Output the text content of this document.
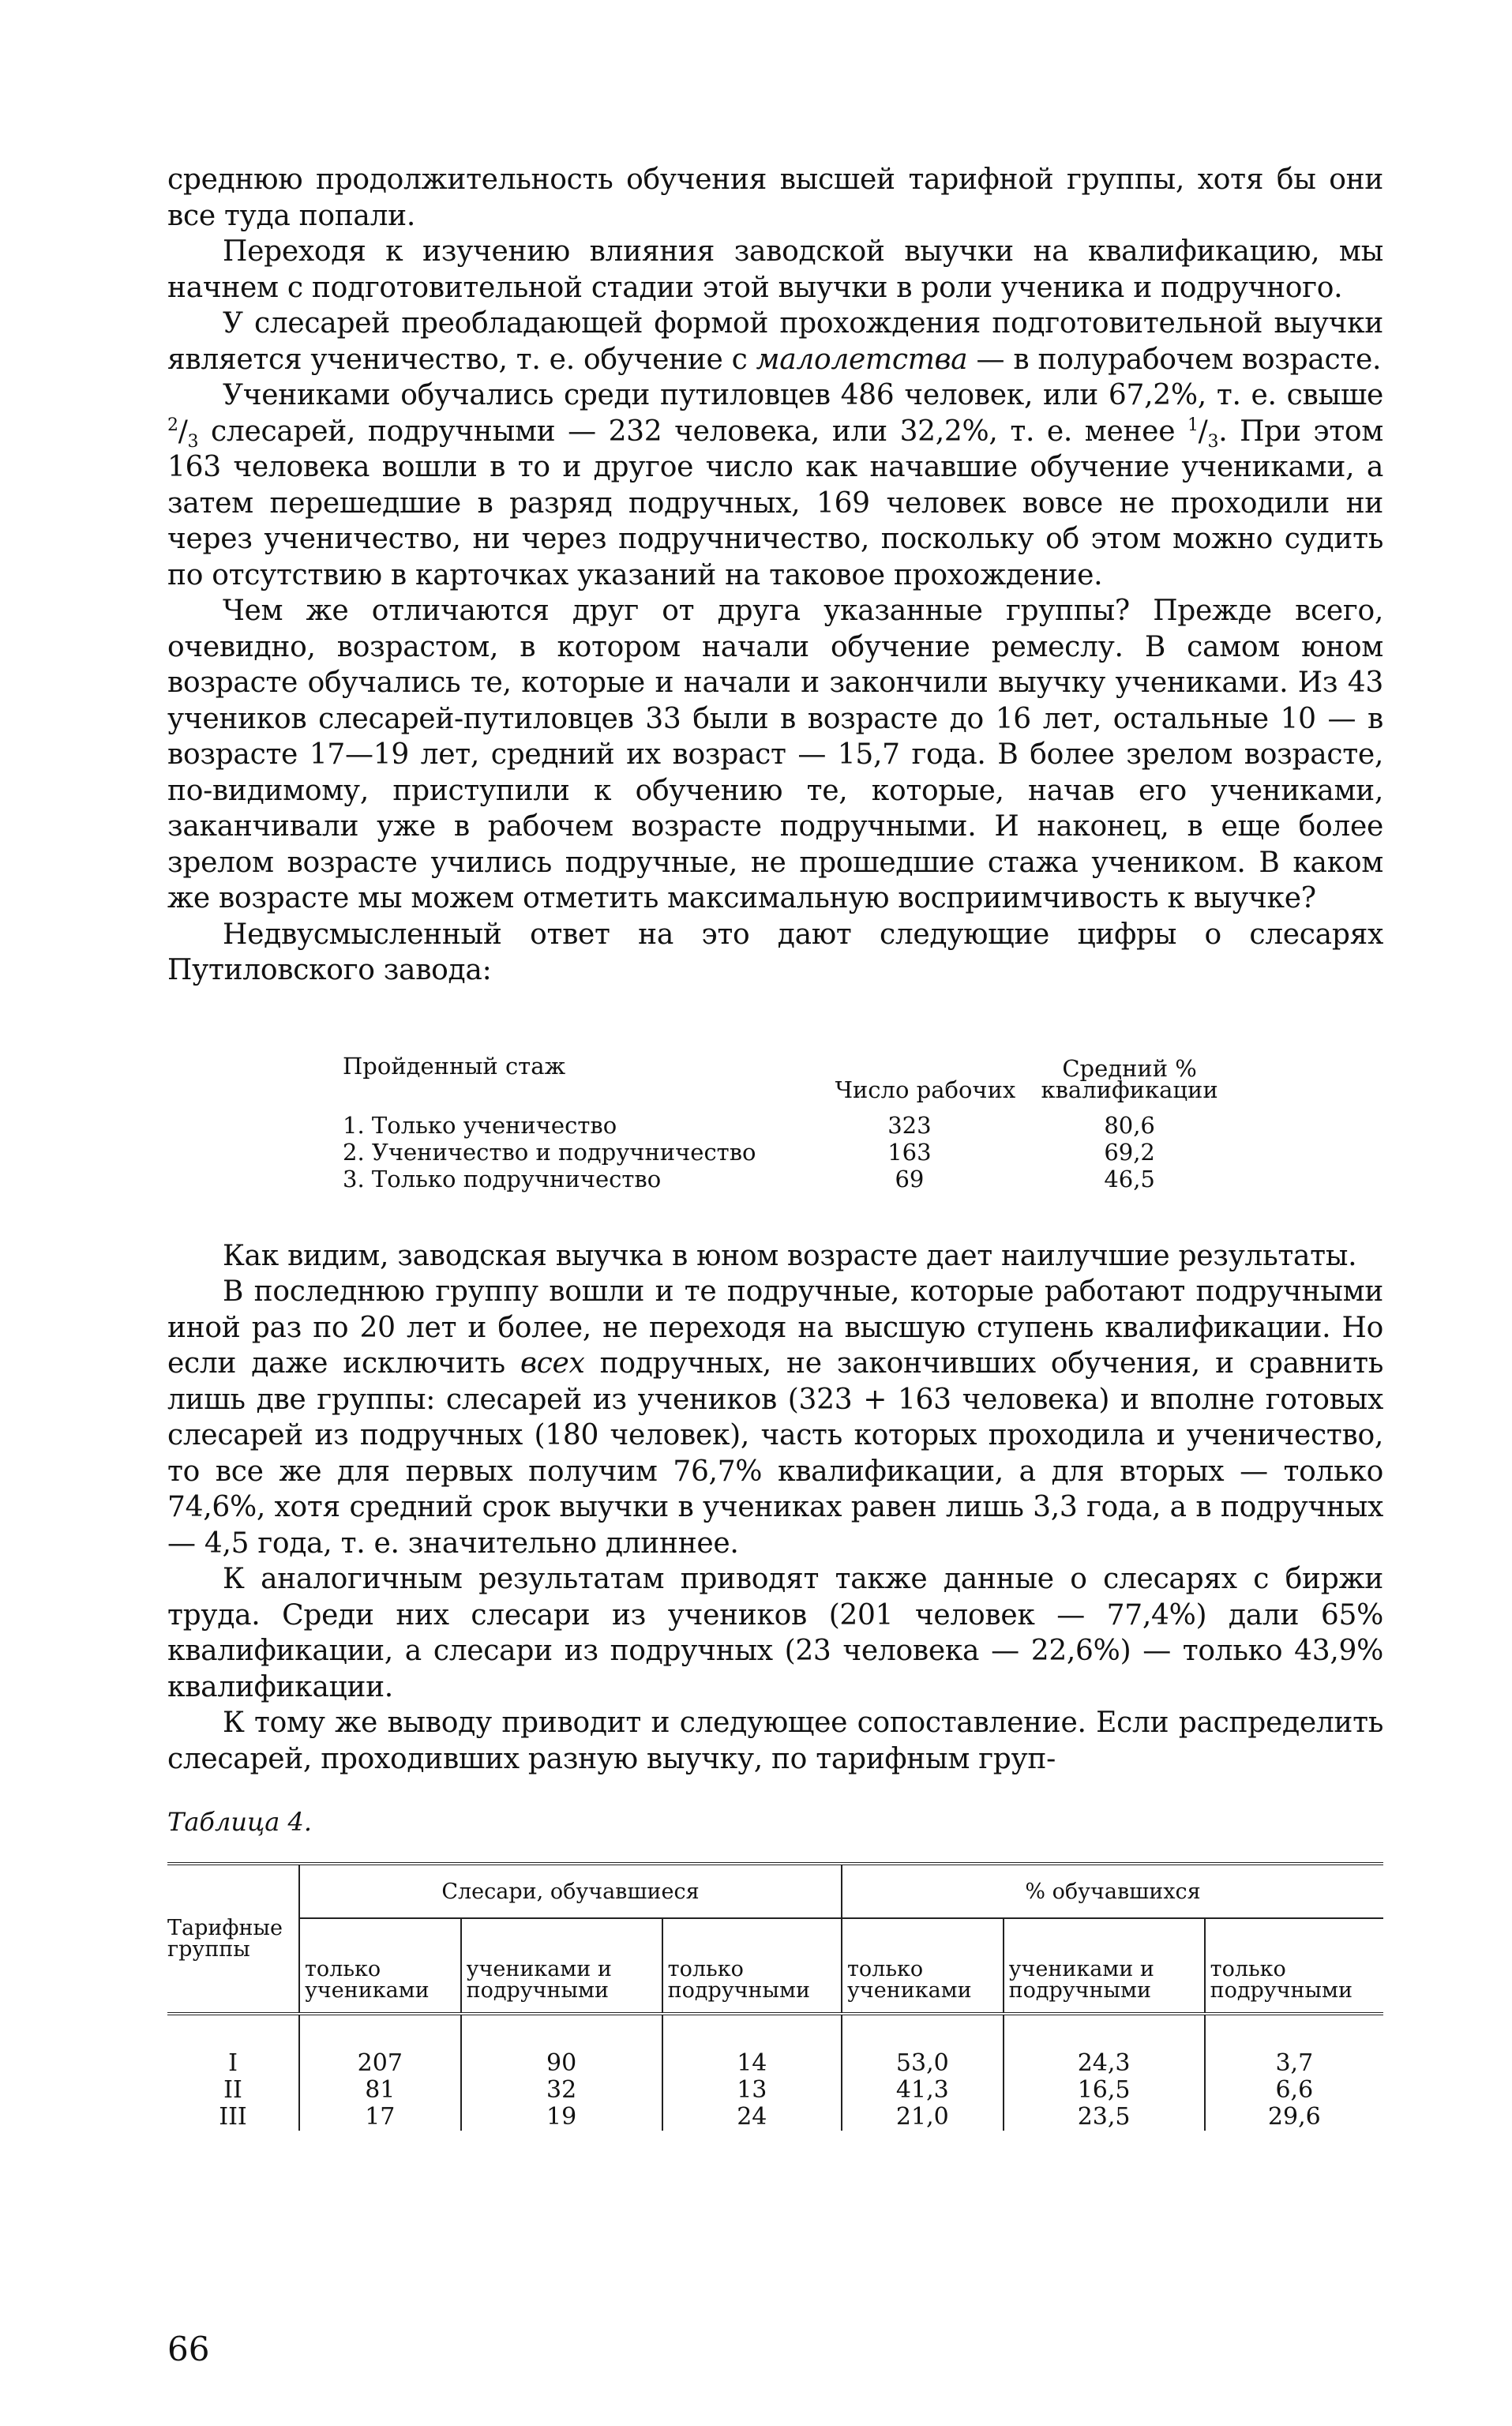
среднюю продолжительность обучения высшей тарифной группы, хотя бы они все туда попали.

Переходя к изучению влияния заводской выучки на квалификацию, мы начнем с подготовительной стадии этой выучки в роли ученика и подручного.

У слесарей преобладающей формой прохождения подготовительной выучки является ученичество, т. е. обучение с малолетства — в полурабочем возрасте.

Учениками обучались среди путиловцев 486 человек, или 67,2%, т. е. свыше $^2/_3$ слесарей, подручными — 232 человека, или 32,2%, т. е. менее $^1/_3$. При этом 163 человека вошли в то и другое число как начавшие обучение учениками, а затем перешедшие в разряд подручных, 169 человек вовсе не проходили ни через ученичество, ни через подручничество, поскольку об этом можно судить по отсутствию в карточках указаний на таковое прохождение.

Чем же отличаются друг от друга указанные группы? Прежде всего, очевидно, возрастом, в котором начали обучение ремеслу. В самом юном возрасте обучались те, которые и начали и закончили выучку учениками. Из 43 учеников слесарей-путиловцев 33 были в возрасте до 16 лет, остальные 10 — в возрасте 17—19 лет, средний их возраст — 15,7 года. В более зрелом возрасте, по-видимому, приступили к обучению те, которые, начав его учениками, заканчивали уже в рабочем возрасте подручными. И наконец, в еще более зрелом возрасте учились подручные, не прошедшие стажа учеником. В каком же возрасте мы можем отметить максимальную восприимчивость к выучке?

Недвусмысленный ответ на это дают следующие цифры о слесарях Путиловского завода:

Пройденный стаж	Число рабочих	Средний % квалификации
1. Только ученичество	323	80,6
2. Ученичество и подручничество	163	69,2
3. Только подручничество	69	46,5

Как видим, заводская выучка в юном возрасте дает наилучшие результаты.

В последнюю группу вошли и те подручные, которые работают подручными иной раз по 20 лет и более, не переходя на высшую ступень квалификации. Но если даже исключить всех подручных, не закончивших обучения, и сравнить лишь две группы: слесарей из учеников (323 + 163 человека) и вполне готовых слесарей из подручных (180 человек), часть которых проходила и ученичество, то все же для первых получим 76,7% квалификации, а для вторых — только 74,6%, хотя средний срок выучки в учениках равен лишь 3,3 года, а в подручных — 4,5 года, т. е. значительно длиннее.

К аналогичным результатам приводят также данные о слесарях с биржи труда. Среди них слесари из учеников (201 человек — 77,4%) дали 65% квалификации, а слесари из подручных (23 человека — 22,6%) — только 43,9% квалификации.

К тому же выводу приводит и следующее сопоставление. Если распределить слесарей, проходивших разную выучку, по тарифным груп-

Таблица 4.
Тарифные группы	Слесари, обучавшиеся			% обучавшихся		
	только учениками	учениками и подручными	только подручными	только учениками	учениками и подручными	только подручными
I	207	90	14	53,0	24,3	3,7
II	81	32	13	41,3	16,5	6,6
III	17	19	24	21,0	23,5	29,6
66
